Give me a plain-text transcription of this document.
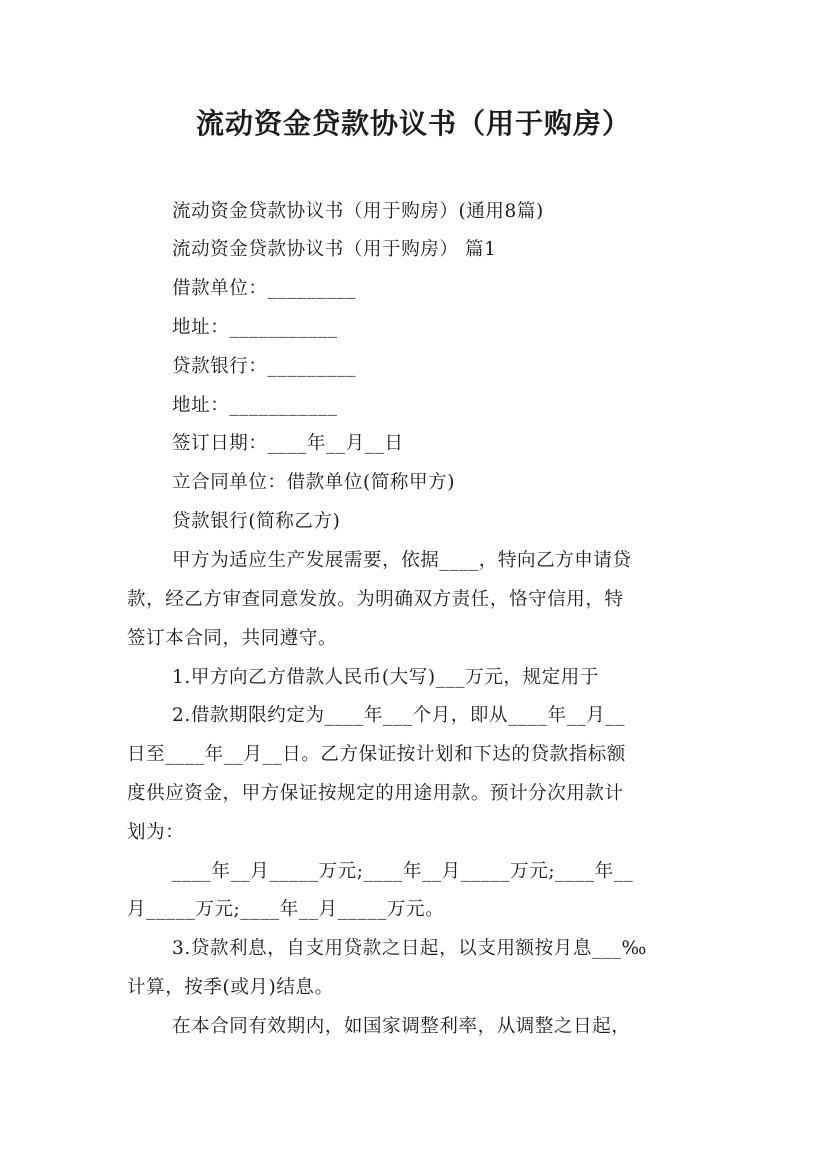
流动资金贷款协议书（用于购房）
流动资金贷款协议书（用于购房）(通用8篇)
流动资金贷款协议书（用于购房） 篇1
借款单位：_________
地址：___________
贷款银行：_________
地址：___________
签订日期：____年__月__日
立合同单位：借款单位(简称甲方)
贷款银行(简称乙方)
甲方为适应生产发展需要，依据____，特向乙方申请贷
款，经乙方审查同意发放。为明确双方责任，恪守信用，特
签订本合同，共同遵守。
1.甲方向乙方借款人民币(大写)___万元，规定用于
2.借款期限约定为____年___个月，即从____年__月__
日至____年__月__日。乙方保证按计划和下达的贷款指标额
度供应资金，甲方保证按规定的用途用款。预计分次用款计
划为：
____年__月_____万元;____年__月_____万元;____年__
月_____万元;____年__月_____万元。
3.贷款利息，自支用贷款之日起，以支用额按月息___‰
计算，按季(或月)结息。
在本合同有效期内，如国家调整利率，从调整之日起，
